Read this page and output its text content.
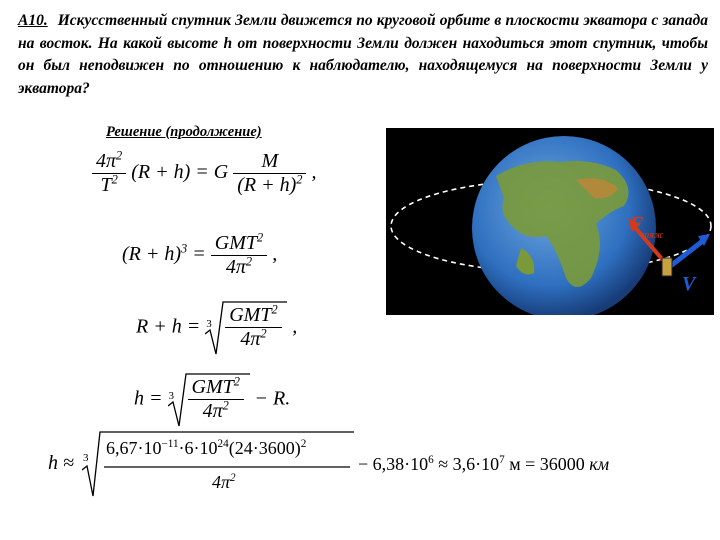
А10. Искусственный спутник Земли движется по круговой орбите в плоскости экватора с запада на восток. На какой высоте h от поверхности Земли должен находиться этот спутник, чтобы он был неподвижен по отношению к наблюдателю, находящемуся на поверхности Земли у экватора?
Решение (продолжение)
$\frac{4\pi^2}{T^2} (R + h) = G \frac{M}{(R + h)^2}$ ,
$(R + h)^3 = \frac{GMT^2}{4\pi^2}$ ,
R + h = 3 GMT$^2$
$4\pi^2$	,
h = 3 GMT$^2$
$4\pi^2$	− R.
h ≈ 3 $6,67\cdot 10^{-11}\cdot 6\cdot 10^{24}(24\cdot 3600)^2$
$4\pi^2$
− $6,38\cdot 10^6 \approx 3,6\cdot 10^7$ м = 36000 км
F
тяж
V
